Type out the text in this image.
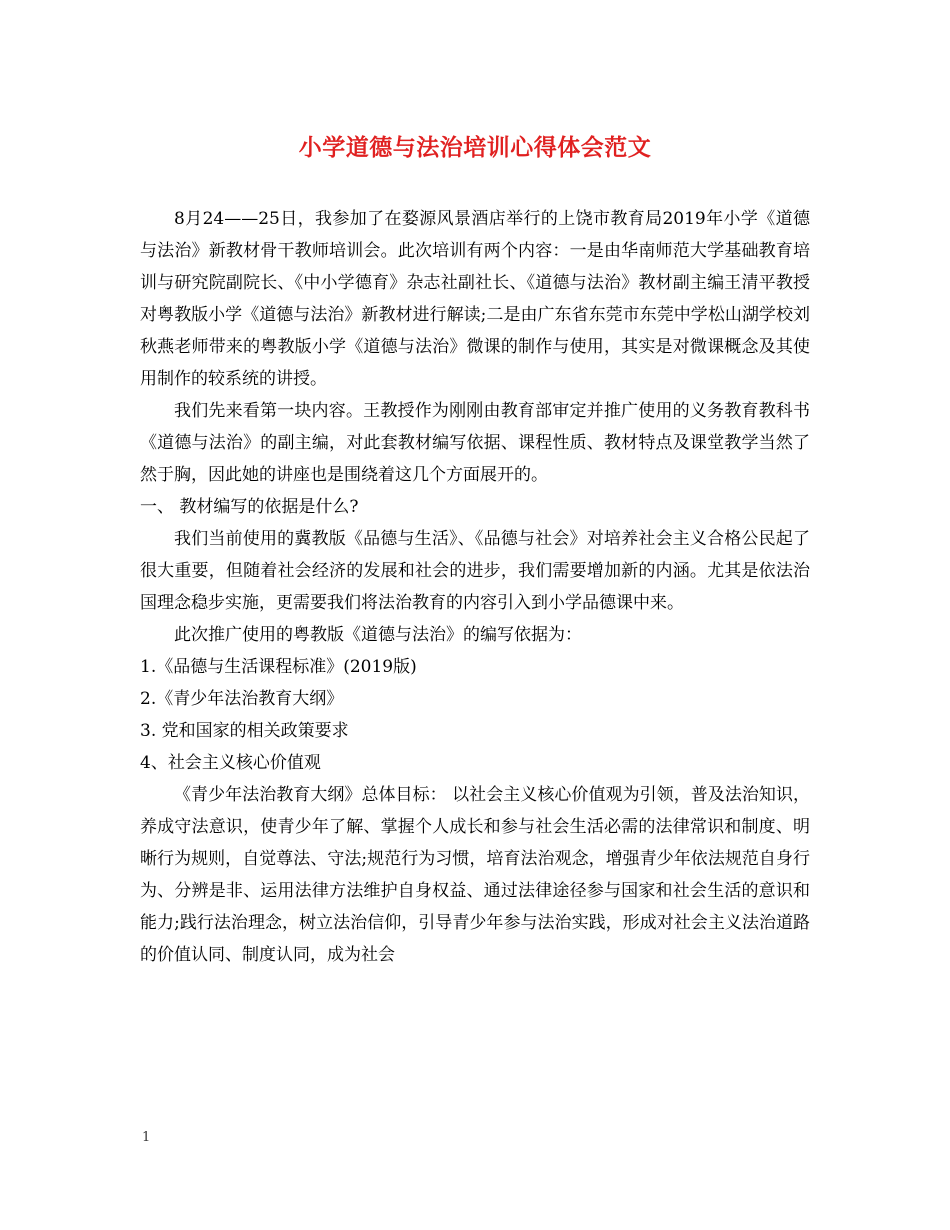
小学道德与法治培训心得体会范文

8月24——25日，我参加了在婺源风景酒店举行的上饶市教育局2019年小学《道德与法治》新教材骨干教师培训会。此次培训有两个内容：一是由华南师范大学基础教育培训与研究院副院长、《中小学德育》杂志社副社长、《道德与法治》教材副主编王清平教授对粤教版小学《道德与法治》新教材进行解读;二是由广东省东莞市东莞中学松山湖学校刘秋燕老师带来的粤教版小学《道德与法治》微课的制作与使用，其实是对微课概念及其使用制作的较系统的讲授。

我们先来看第一块内容。王教授作为刚刚由教育部审定并推广使用的义务教育教科书《道德与法治》的副主编，对此套教材编写依据、课程性质、教材特点及课堂教学当然了然于胸，因此她的讲座也是围绕着这几个方面展开的。

一、 教材编写的依据是什么?

我们当前使用的冀教版《品德与生活》、《品德与社会》对培养社会主义合格公民起了很大重要，但随着社会经济的发展和社会的进步，我们需要增加新的内涵。尤其是依法治国理念稳步实施，更需要我们将法治教育的内容引入到小学品德课中来。

此次推广使用的粤教版《道德与法治》的编写依据为：

1.《品德与生活课程标准》(2019版)

2.《青少年法治教育大纲》

3. 党和国家的相关政策要求

4、社会主义核心价值观

《青少年法治教育大纲》总体目标： 以社会主义核心价值观为引领，普及法治知识，养成守法意识，使青少年了解、掌握个人成长和参与社会生活必需的法律常识和制度、明晰行为规则，自觉尊法、守法;规范行为习惯，培育法治观念，增强青少年依法规范自身行为、分辨是非、运用法律方法维护自身权益、通过法律途径参与国家和社会生活的意识和能力;践行法治理念，树立法治信仰，引导青少年参与法治实践，形成对社会主义法治道路的价值认同、制度认同，成为社会

1
